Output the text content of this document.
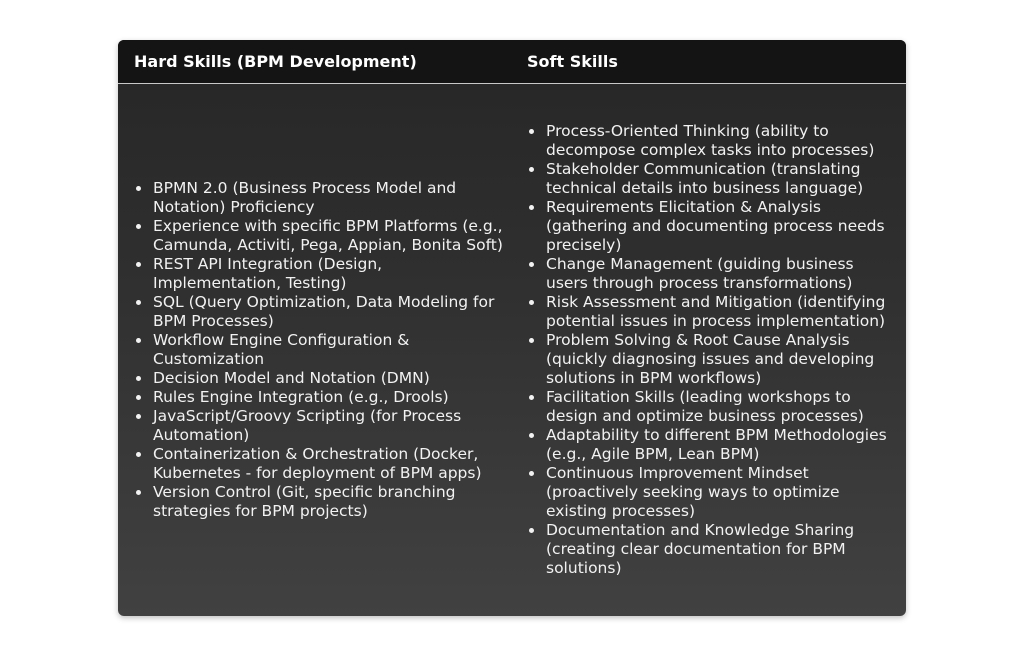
Hard Skills (BPM Development)	Soft Skills
BPMN 2.0 (Business Process Model and Notation) Proficiency
Experience with specific BPM Platforms (e.g., Camunda, Activiti, Pega, Appian, Bonita Soft)
REST API Integration (Design, Implementation, Testing)
SQL (Query Optimization, Data Modeling for BPM Processes)
Workflow Engine Configuration & Customization
Decision Model and Notation (DMN)
Rules Engine Integration (e.g., Drools)
JavaScript/Groovy Scripting (for Process Automation)
Containerization & Orchestration (Docker, Kubernetes - for deployment of BPM apps)
Version Control (Git, specific branching strategies for BPM projects)
Process-Oriented Thinking (ability to decompose complex tasks into processes)
Stakeholder Communication (translating technical details into business language)
Requirements Elicitation & Analysis (gathering and documenting process needs precisely)
Change Management (guiding business users through process transformations)
Risk Assessment and Mitigation (identifying potential issues in process implementation)
Problem Solving & Root Cause Analysis (quickly diagnosing issues and developing solutions in BPM workflows)
Facilitation Skills (leading workshops to design and optimize business processes)
Adaptability to different BPM Methodologies (e.g., Agile BPM, Lean BPM)
Continuous Improvement Mindset (proactively seeking ways to optimize existing processes)
Documentation and Knowledge Sharing (creating clear documentation for BPM solutions)
